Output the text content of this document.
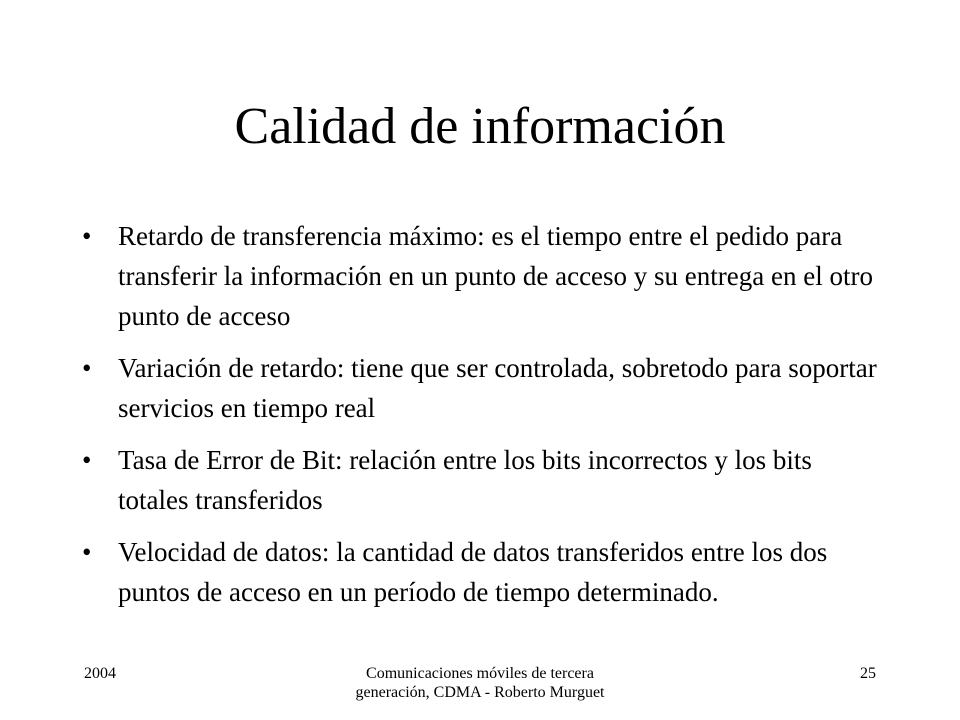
Calidad de información
• Retardo de transferencia máximo: es el tiempo entre el pedido para transferir la información en un punto de acceso y su entrega en el otro punto de acceso
• Variación de retardo: tiene que ser controlada, sobretodo para soportar servicios en tiempo real
• Tasa de Error de Bit: relación entre los bits incorrectos y los bits totales transferidos
• Velocidad de datos: la cantidad de datos transferidos entre los dos puntos de acceso en un período de tiempo determinado.
2004	Comunicaciones móviles de tercera generación, CDMA - Roberto Murguet
25
